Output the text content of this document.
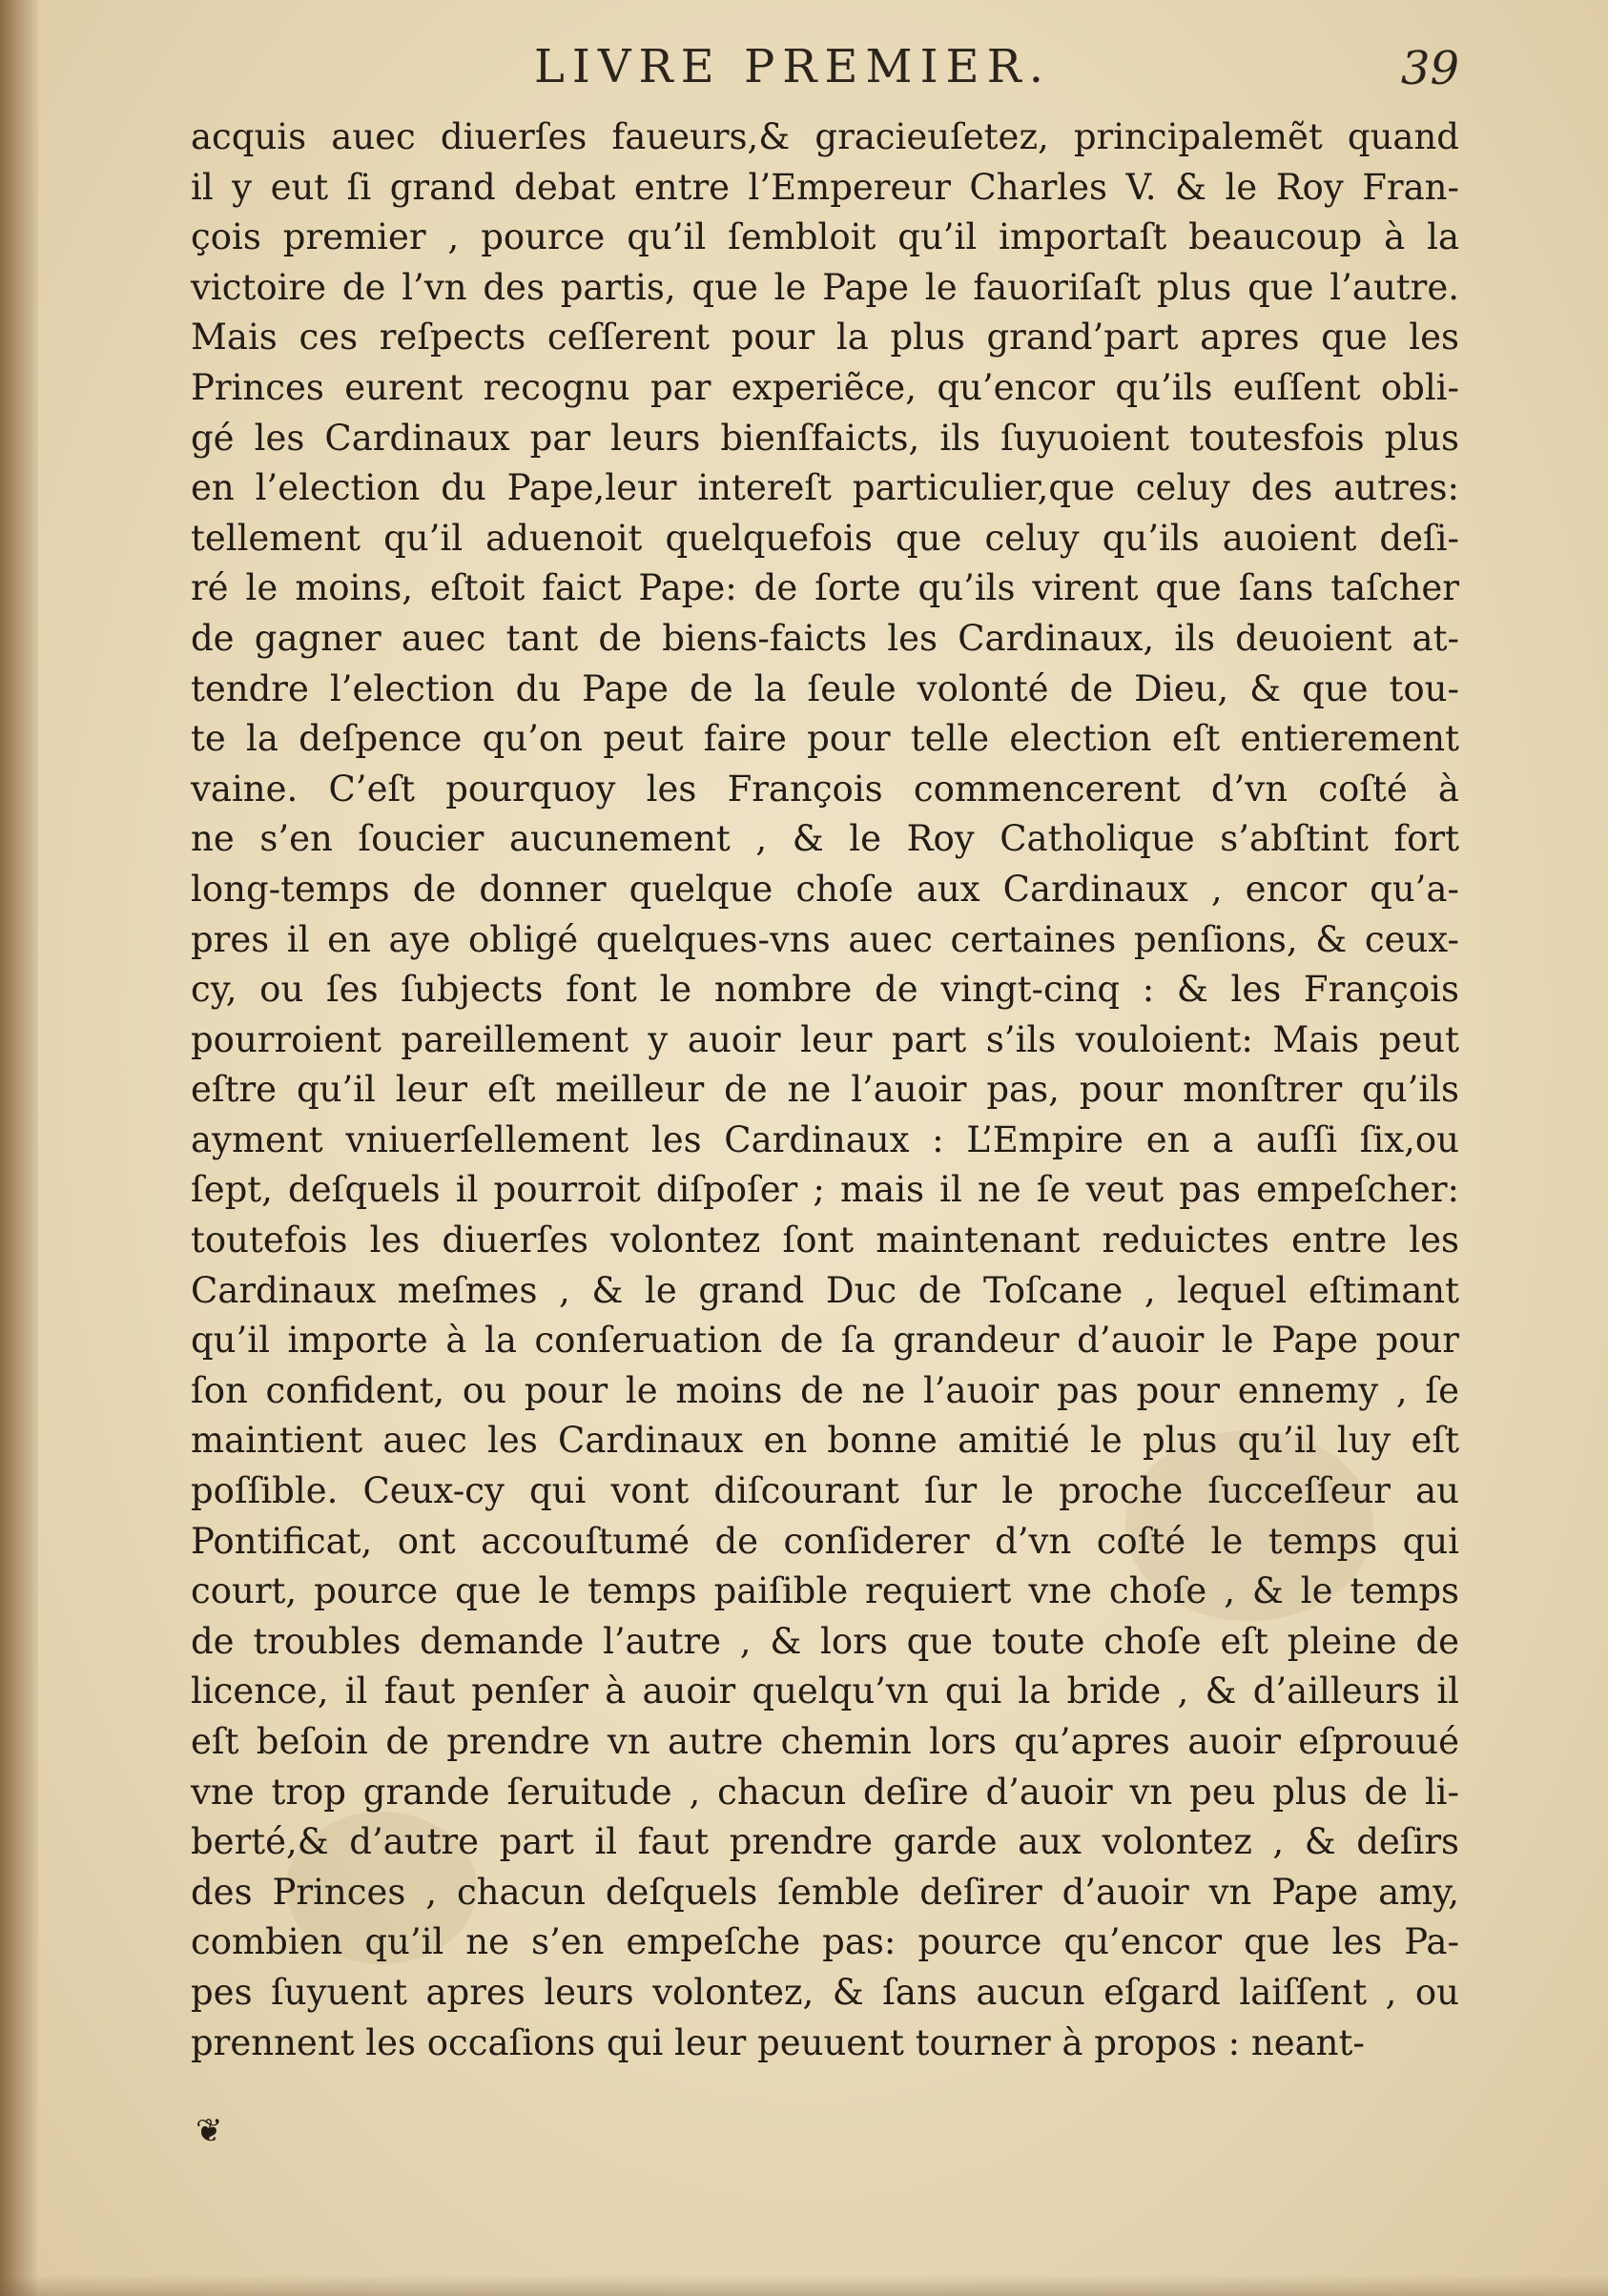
LIVRE PREMIER.	39
acquis auec diuerſes faueurs,& gracieuſetez, principalemẽt quand
il y eut ſi grand debat entre l’Empereur Charles V. & le Roy Fran-
çois premier , pource qu’il ſembloit qu’il importaſt beaucoup à la
victoire de l’vn des partis, que le Pape le fauoriſaſt plus que l’autre.
Mais ces reſpects ceſſerent pour la plus grand’part apres que les
Princes eurent recognu par experiẽce, qu’encor qu’ils euſſent obli-
gé les Cardinaux par leurs bienſfaicts, ils ſuyuoient toutesfois plus
en l’election du Pape,leur intereſt particulier,que celuy des autres:
tellement qu’il aduenoit quelquefois que celuy qu’ils auoient deſi-
ré le moins, eſtoit faict Pape: de ſorte qu’ils virent que ſans taſcher
de gagner auec tant de biens-faicts les Cardinaux, ils deuoient at-
tendre l’election du Pape de la ſeule volonté de Dieu, & que tou-
te la deſpence qu’on peut faire pour telle election eſt entierement
vaine. C’eſt pourquoy les François commencerent d’vn coſté à
ne s’en ſoucier aucunement , & le Roy Catholique s’abſtint fort
long-temps de donner quelque choſe aux Cardinaux , encor qu’a-
pres il en aye obligé quelques-vns auec certaines penſions, & ceux-
cy, ou ſes ſubjects font le nombre de vingt-cinq : & les François
pourroient pareillement y auoir leur part s’ils vouloient: Mais peut
eſtre qu’il leur eſt meilleur de ne l’auoir pas, pour monſtrer qu’ils
ayment vniuerſellement les Cardinaux : L’Empire en a auſſi ſix,ou
ſept, deſquels il pourroit diſpoſer ; mais il ne ſe veut pas empeſcher:
toutefois les diuerſes volontez ſont maintenant reduictes entre les
Cardinaux meſmes , & le grand Duc de Toſcane , lequel eſtimant
qu’il importe à la conſeruation de ſa grandeur d’auoir le Pape pour
ſon confident, ou pour le moins de ne l’auoir pas pour ennemy , ſe
maintient auec les Cardinaux en bonne amitié le plus qu’il luy eſt
poſſible. Ceux-cy qui vont diſcourant ſur le proche ſucceſſeur au
Pontificat, ont accouſtumé de conſiderer d’vn coſté le temps qui
court, pource que le temps paiſible requiert vne choſe , & le temps
de troubles demande l’autre , & lors que toute choſe eſt pleine de
licence, il faut penſer à auoir quelqu’vn qui la bride , & d’ailleurs il
eſt beſoin de prendre vn autre chemin lors qu’apres auoir eſprouué
vne trop grande ſeruitude , chacun deſire d’auoir vn peu plus de li-
berté,& d’autre part il faut prendre garde aux volontez , & deſirs
des Princes , chacun deſquels ſemble deſirer d’auoir vn Pape amy,
combien qu’il ne s’en empeſche pas: pource qu’encor que les Pa-
pes ſuyuent apres leurs volontez, & ſans aucun eſgard laiſſent , ou
prennent les occaſions qui leur peuuent tourner à propos : neant-
❦
